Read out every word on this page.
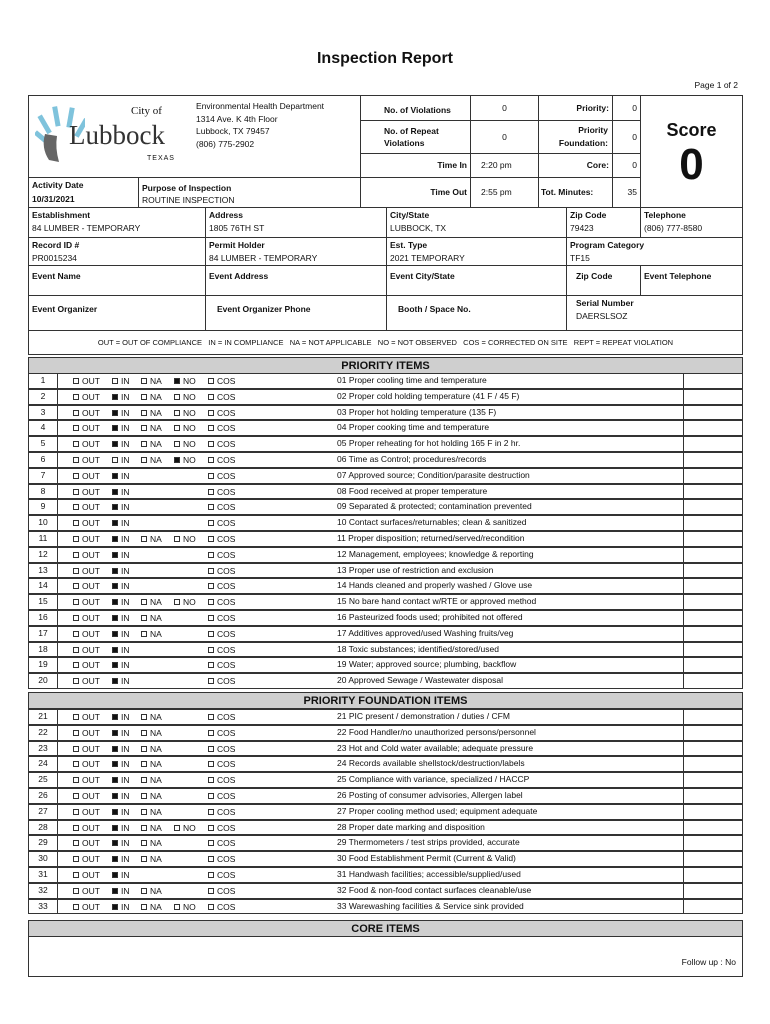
Inspection Report
Page 1 of 2
City of
Lubbock
TEXAS
Environmental Health Department
1314 Ave. K 4th Floor
Lubbock, TX 79457
(806) 775-2902
No. of Violations	0
No. of Repeat Violations
0
Time In	2:20 pm
Time Out	2:55 pm
Priority:	0
Priority Foundation:
0
Core:	0
Tot. Minutes:	35
Score
0
Activity Date
10/31/2021
Purpose of Inspection
ROUTINE INSPECTION
Establishment
84 LUMBER - TEMPORARY
Address
1805 76TH ST
City/State
LUBBOCK, TX
Zip Code
79423
Telephone
(806) 777-8580
Record ID #
PR0015234
Permit Holder
84 LUMBER - TEMPORARY
Est. Type
2021 TEMPORARY
Program Category
TF15
Event Name	Event Address	Event City/State	Zip Code	Event Telephone
Event Organizer	Event Organizer Phone	Booth / Space No.
Serial Number
DAERSLSOZ
OUT = OUT OF COMPLIANCE   IN = IN COMPLIANCE   NA = NOT APPLICABLE   NO = NOT OBSERVED   COS = CORRECTED ON SITE   REPT = REPEAT VIOLATION
PRIORITY ITEMS
1	OUT	IN	NA	NO	COS	01 Proper cooling time and temperature
2	OUT	IN	NA	NO	COS	02 Proper cold holding temperature (41 F / 45 F)
3	OUT	IN	NA	NO	COS	03 Proper hot holding temperature (135 F)
4	OUT	IN	NA	NO	COS	04 Proper cooking time and temperature
5	OUT	IN	NA	NO	COS	05 Proper reheating for hot holding 165 F in 2 hr.
6	OUT	IN	NA	NO	COS	06 Time as Control; procedures/records
7	OUT	IN	COS	07 Approved source; Condition/parasite destruction
8	OUT	IN	COS	08 Food received at proper temperature
9	OUT	IN	COS	09 Separated & protected; contamination prevented
10	OUT	IN	COS	10 Contact surfaces/returnables; clean & sanitized
11	OUT	IN	NA	NO	COS	11 Proper disposition; returned/served/recondition
12	OUT	IN	COS	12 Management, employees; knowledge & reporting
13	OUT	IN	COS	13 Proper use of restriction and exclusion
14	OUT	IN	COS	14 Hands cleaned and properly washed / Glove use
15	OUT	IN	NA	NO	COS	15 No bare hand contact w/RTE or approved method
16	OUT	IN	NA	COS	16 Pasteurized foods used; prohibited not offered
17	OUT	IN	NA	COS	17 Additives approved/used Washing fruits/veg
18	OUT	IN	COS	18 Toxic substances; identified/stored/used
19	OUT	IN	COS	19 Water; approved source; plumbing, backflow
20	OUT	IN	COS	20 Approved Sewage / Wastewater disposal
PRIORITY FOUNDATION ITEMS
21	OUT	IN	NA	COS	21 PIC present / demonstration / duties / CFM
22	OUT	IN	NA	COS	22 Food Handler/no unauthorized persons/personnel
23	OUT	IN	NA	COS	23 Hot and Cold water available; adequate pressure
24	OUT	IN	NA	COS	24 Records available shellstock/destruction/labels
25	OUT	IN	NA	COS	25 Compliance with variance, specialized / HACCP
26	OUT	IN	NA	COS	26 Posting of consumer advisories, Allergen label
27	OUT	IN	NA	COS	27 Proper cooling method used; equipment adequate
28	OUT	IN	NA	NO	COS	28 Proper date marking and disposition
29	OUT	IN	NA	COS	29 Thermometers / test strips provided, accurate
30	OUT	IN	NA	COS	30 Food Establishment Permit (Current & Valid)
31	OUT	IN	COS	31 Handwash facilities; accessible/supplied/used
32	OUT	IN	NA	COS	32 Food & non-food contact surfaces cleanable/use
33	OUT	IN	NA	NO	COS	33 Warewashing facilities & Service sink provided
CORE ITEMS
Follow up : No
